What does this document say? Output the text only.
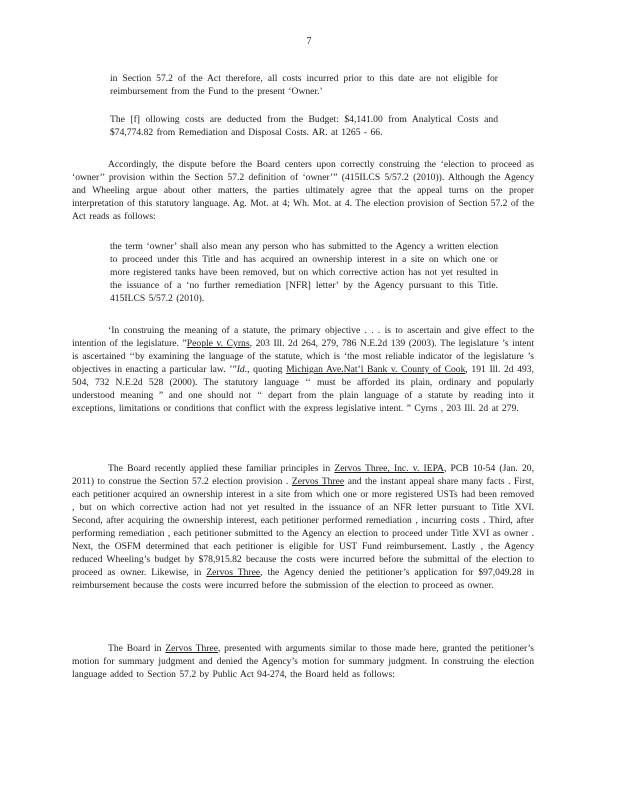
7

in Section 57.2 of the Act therefore, all costs incurred prior to this date are not eligible for reimbursement from the Fund to the present ‘Owner.’

The [f] ollowing costs are deducted from the Budget: $4,141.00 from Analytical Costs and $74,774.82 from Remediation and Disposal Costs. AR. at 1265 - 66.

Accordingly, the dispute before the Board centers upon correctly construing the ‘election to proceed as ‘owner’’ provision within the Section 57.2 definition of ‘owner’” (415ILCS 5/57.2 (2010)). Although the Agency and Wheeling argue about other matters, the parties ultimately agree that the appeal turns on the proper interpretation of this statutory language. Ag. Mot. at 4; Wh. Mot. at 4. The election provision of Section 57.2 of the Act reads as follows:

the term ‘owner’ shall also mean any person who has submitted to the Agency a written election to proceed under this Title and has acquired an ownership interest in a site on which one or more registered tanks have been removed, but on which corrective action has not yet resulted in the issuance of a ‘no further remediation [NFR] letter’ by the Agency pursuant to this Title. 415ILCS 5/57.2 (2010).

‘In construing the meaning of a statute, the primary objective . . . is to ascertain and give effect to the intention of the legislature. ”People v. Cyrns, 203 Ill. 2d 264, 279, 786 N.E.2d 139 (2003). The legislature ’s intent is ascertained ‘‘by examining the language of the statute, which is ‘the most reliable indicator of the legislature ’s objectives in enacting a particular law. ’”Id., quoting Michigan Ave.Nat’l Bank v. County of Cook, 191 Ill. 2d 493, 504, 732 N.E.2d 528 (2000). The statutory language ‘‘ must be afforded its plain, ordinary and popularly understood meaning ” and one should not ‘‘ depart from the plain language of a statute by reading into it exceptions, limitations or conditions that conflict with the express legislative intent. ” Cyrns , 203 Ill. 2d at 279.

The Board recently applied these familiar principles in Zervos Three, Inc. v. IEPA, PCB 10-54 (Jan. 20, 2011) to construe the Section 57.2 election provision . Zervos Three and the instant appeal share many facts . First, each petitioner acquired an ownership interest in a site from which one or more registered USTs had been removed , but on which corrective action had not yet resulted in the issuance of an NFR letter pursuant to Title XVI. Second, after acquiring the ownership interest, each petitioner performed remediation , incurring costs . Third, after performing remediation , each petitioner submitted to the Agency an election to proceed under Title XVI as owner . Next, the OSFM determined that each petitioner is eligible for UST Fund reimbursement. Lastly , the Agency reduced Wheeling’s budget by $78,915.82 because the costs were incurred before the submittal of the election to proceed as owner. Likewise, in Zervos Three, the Agency denied the petitioner’s application for $97,049.28 in reimbursement because the costs were incurred before the submission of the election to proceed as owner.

The Board in Zervos Three, presented with arguments similar to those made here, granted the petitioner’s motion for summary judgment and denied the Agency’s motion for summary judgment. In construing the election language added to Section 57.2 by Public Act 94-274, the Board held as follows:
